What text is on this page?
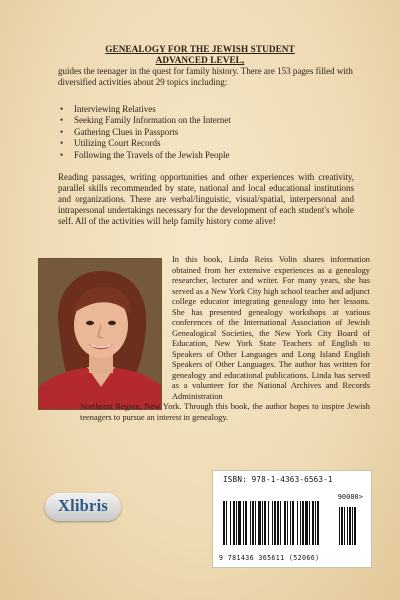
GENEALOGY FOR THE JEWISH STUDENT
ADVANCED LEVEL,

guides the teenager in the quest for family history. There are 153 pages filled with diversified activities about 29 topics including:

• Interviewing Relatives
• Seeking Family Information on the Internet
• Gathering Clues in Passports
• Utilizing Court Records
• Following the Travels of the Jewish People

Reading passages, writing opportunities and other experiences with creativity, parallel skills recommended by state, national and local educational institutions and organizations. There are verbal/linguistic, visual/spatial, interpersonal and intrapersonal undertakings necessary for the development of each student's whole self. All of the activities will help family history come alive!

In this book, Linda Reiss Volin shares information obtained from her extensive experiences as a genealogy researcher, lecturer and writer. For many years, she has served as a New York City high school teacher and adjunct college educator integrating genealogy into her lessons. She has presented genealogy workshops at various conferences of the International Association of Jewish Genealogical Societies, the New York City Board of Education, New York State Teachers of English to Speakers of Other Languages and Long Island English Speakers of Other Languages. The author has written for genealogy and educational publications. Linda has served as a volunteer for the National Archives and Records Administration

Northeast Region, New York. Through this book, the author hopes to inspire Jewish teenagers to pursue an interest in genealogy.

Xlibris
ISBN: 978-1-4363-6563-1
90000>
9 781436 365611 (52066)
